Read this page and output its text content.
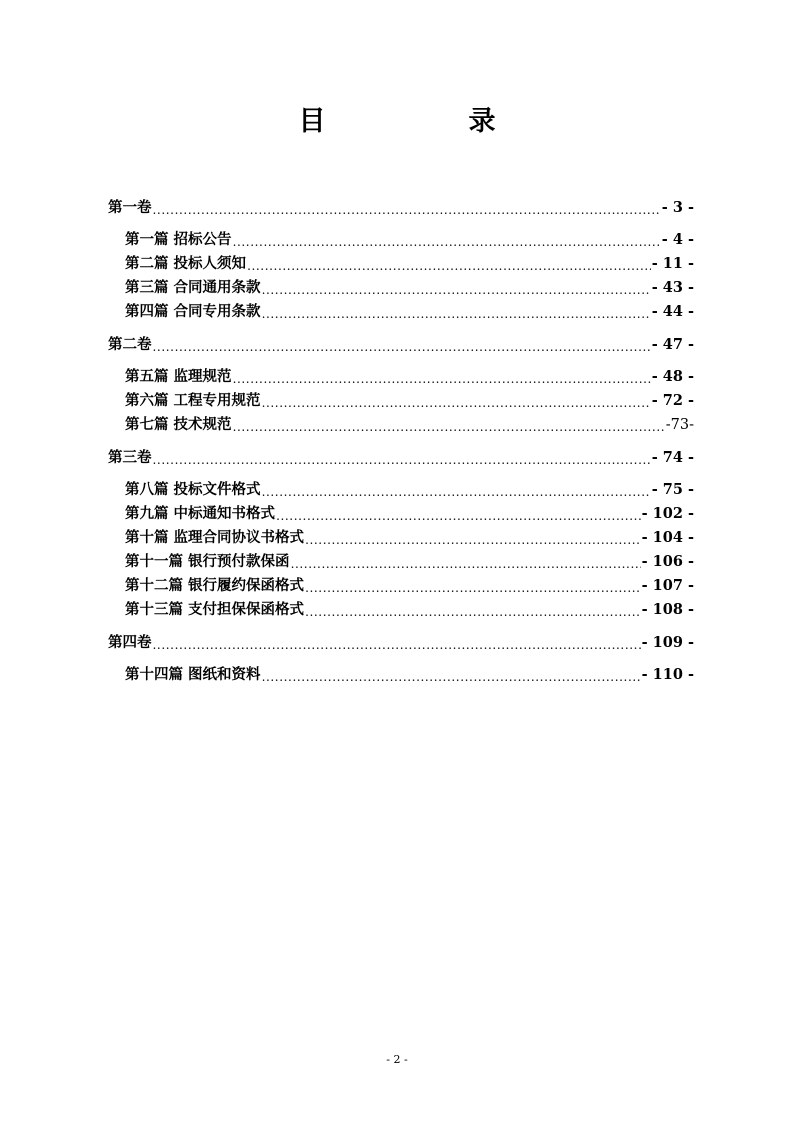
目　录
第一卷 .....	- 3 -
第一篇 招标公告 .....	- 4 -
第二篇 投标人须知 .....	- 11 -
第三篇 合同通用条款 .....	- 43 -
第四篇 合同专用条款 .....	- 44 -
第二卷 .....	- 47 -
第五篇 监理规范 .....	- 48 -
第六篇 工程专用规范 .....	- 72 -
第七篇 技术规范 .....	-73-
第三卷 .....	- 74 -
第八篇 投标文件格式 .....	- 75 -
第九篇 中标通知书格式 .....	- 102 -
第十篇 监理合同协议书格式 .....	- 104 -
第十一篇 银行预付款保函 .....	- 106 -
第十二篇 银行履约保函格式 .....	- 107 -
第十三篇 支付担保保函格式 .....	- 108 -
第四卷 .....	- 109 -
第十四篇 图纸和资料 .....	- 110 -
- 2 -
